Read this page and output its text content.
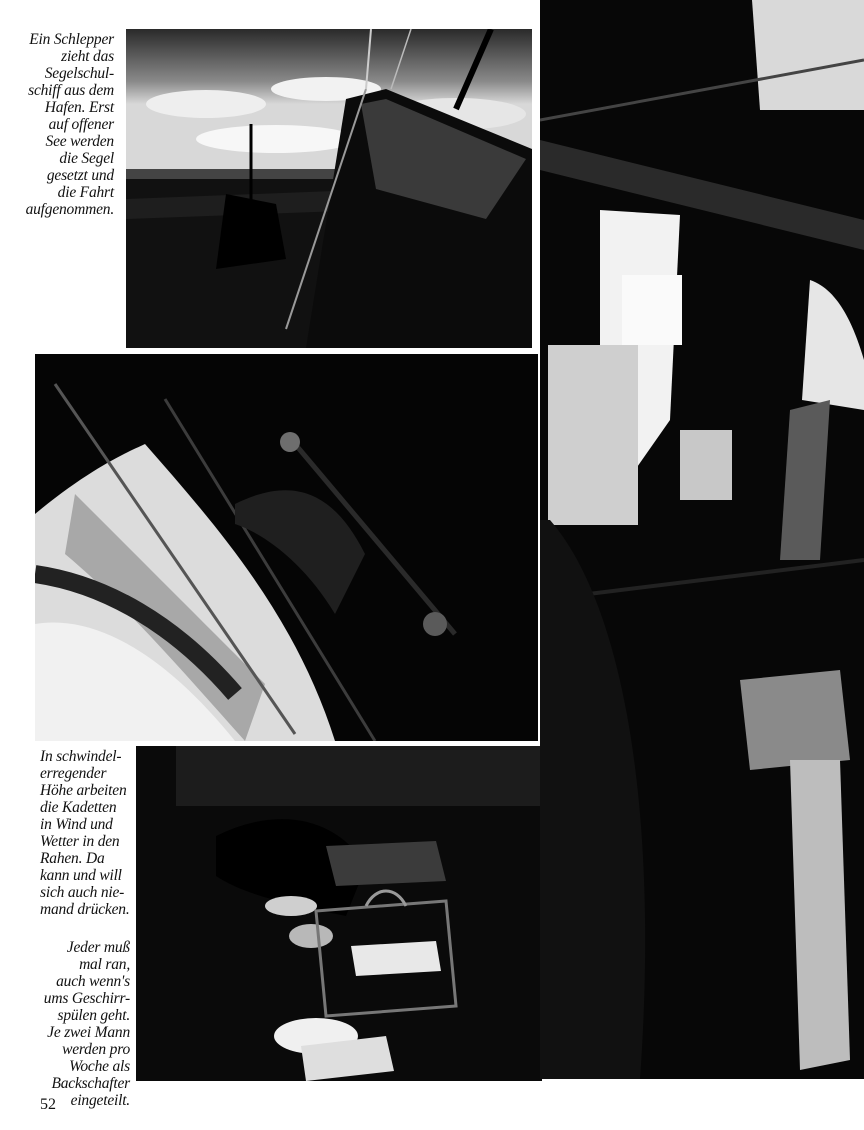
Ein Schlepper
zieht das
Segelschul-
schiff aus dem
Hafen. Erst
auf offener
See werden
die Segel
gesetzt und
die Fahrt
aufgenommen.
In schwindel-
erregender
Höhe arbeiten
die Kadetten
in Wind und
Wetter in den
Rahen. Da
kann und will
sich auch nie-
mand drücken.
Jeder muß
mal ran,
auch wenn's
ums Geschirr-
spülen geht.
Je zwei Mann
werden pro
Woche als
Backschafter
eingeteilt.
52
